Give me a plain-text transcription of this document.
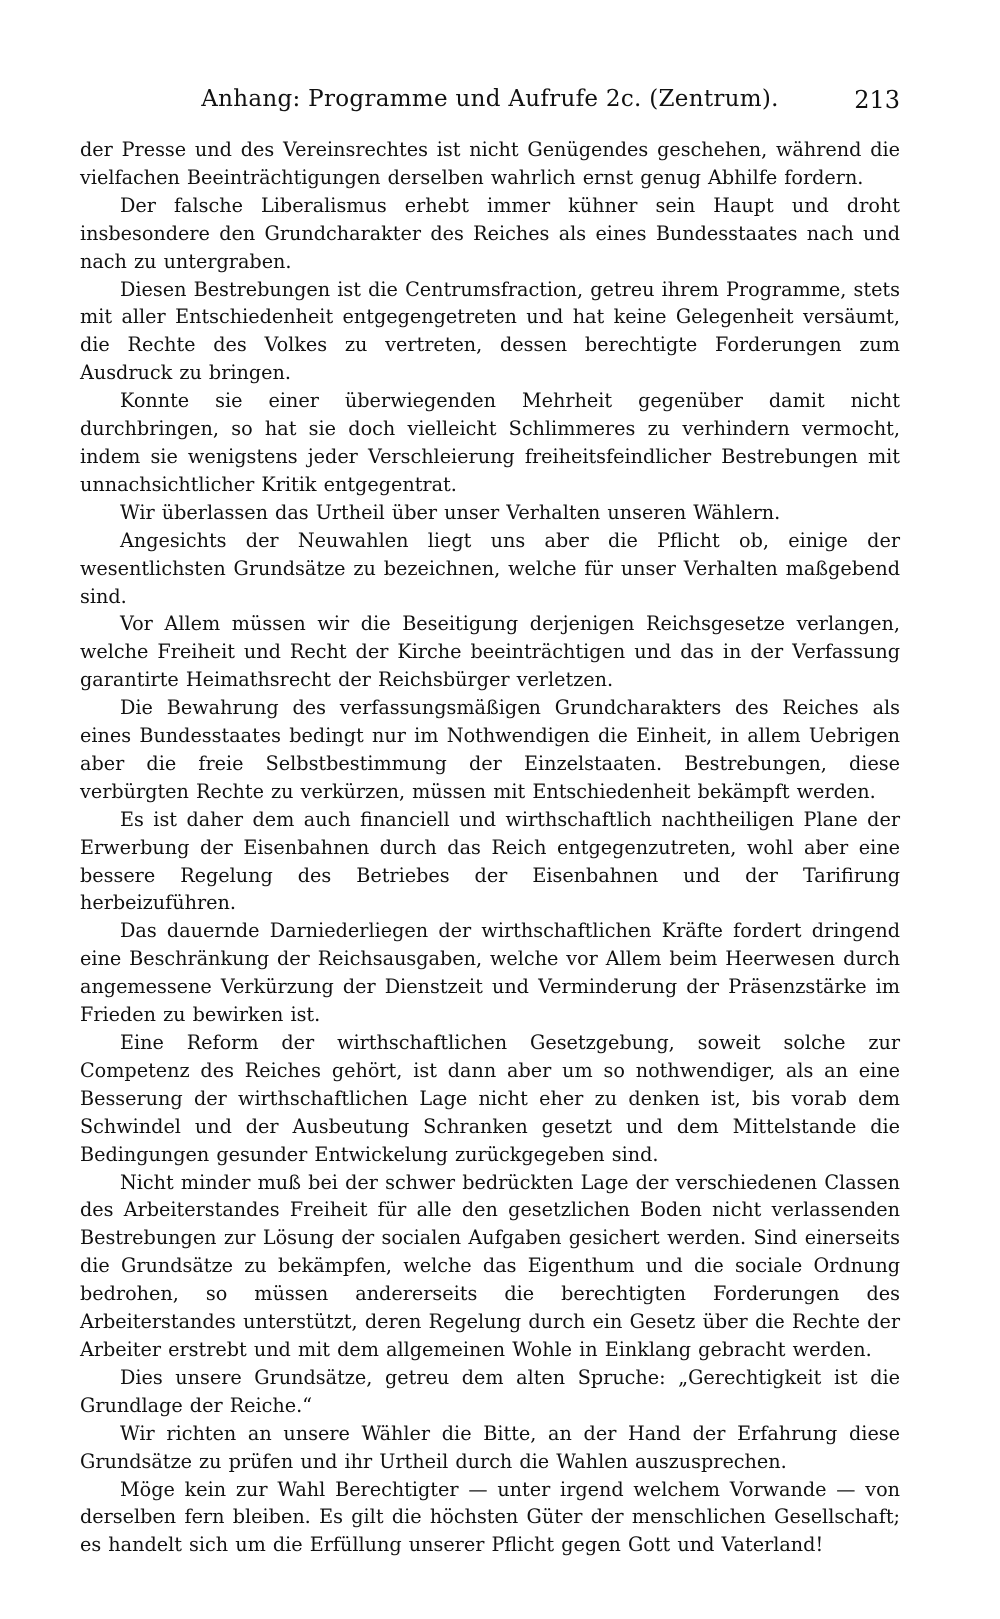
Anhang: Programme und Aufrufe 2c. (Zentrum).	213

der Presse und des Vereinsrechtes ist nicht Genügendes geschehen, während die vielfachen Beeinträchtigungen derselben wahrlich ernst genug Abhilfe fordern.

Der falsche Liberalismus erhebt immer kühner sein Haupt und droht insbesondere den Grundcharakter des Reiches als eines Bundesstaates nach und nach zu untergraben.

Diesen Bestrebungen ist die Centrumsfraction, getreu ihrem Programme, stets mit aller Entschiedenheit entgegengetreten und hat keine Gelegenheit versäumt, die Rechte des Volkes zu vertreten, dessen berechtigte Forderungen zum Ausdruck zu bringen.

Konnte sie einer überwiegenden Mehrheit gegenüber damit nicht durchbringen, so hat sie doch vielleicht Schlimmeres zu verhindern vermocht, indem sie wenigstens jeder Verschleierung freiheitsfeindlicher Bestrebungen mit unnachsichtlicher Kritik entgegentrat.

Wir überlassen das Urtheil über unser Verhalten unseren Wählern.

Angesichts der Neuwahlen liegt uns aber die Pflicht ob, einige der wesentlichsten Grundsätze zu bezeichnen, welche für unser Verhalten maßgebend sind.

Vor Allem müssen wir die Beseitigung derjenigen Reichsgesetze verlangen, welche Freiheit und Recht der Kirche beeinträchtigen und das in der Verfassung garantirte Heimathsrecht der Reichsbürger verletzen.

Die Bewahrung des verfassungsmäßigen Grundcharakters des Reiches als eines Bundesstaates bedingt nur im Nothwendigen die Einheit, in allem Uebrigen aber die freie Selbstbestimmung der Einzelstaaten. Bestrebungen, diese verbürgten Rechte zu verkürzen, müssen mit Entschiedenheit bekämpft werden.

Es ist daher dem auch financiell und wirthschaftlich nachtheiligen Plane der Erwerbung der Eisenbahnen durch das Reich entgegenzutreten, wohl aber eine bessere Regelung des Betriebes der Eisenbahnen und der Tarifirung herbeizuführen.

Das dauernde Darniederliegen der wirthschaftlichen Kräfte fordert dringend eine Beschränkung der Reichsausgaben, welche vor Allem beim Heerwesen durch angemessene Verkürzung der Dienstzeit und Verminderung der Präsenzstärke im Frieden zu bewirken ist.

Eine Reform der wirthschaftlichen Gesetzgebung, soweit solche zur Competenz des Reiches gehört, ist dann aber um so nothwendiger, als an eine Besserung der wirthschaftlichen Lage nicht eher zu denken ist, bis vorab dem Schwindel und der Ausbeutung Schranken gesetzt und dem Mittelstande die Bedingungen gesunder Entwickelung zurückgegeben sind.

Nicht minder muß bei der schwer bedrückten Lage der verschiedenen Classen des Arbeiterstandes Freiheit für alle den gesetzlichen Boden nicht verlassenden Bestrebungen zur Lösung der socialen Aufgaben gesichert werden. Sind einerseits die Grundsätze zu bekämpfen, welche das Eigenthum und die sociale Ordnung bedrohen, so müssen andererseits die berechtigten Forderungen des Arbeiterstandes unterstützt, deren Regelung durch ein Gesetz über die Rechte der Arbeiter erstrebt und mit dem allgemeinen Wohle in Einklang gebracht werden.

Dies unsere Grundsätze, getreu dem alten Spruche: „Gerechtigkeit ist die Grundlage der Reiche.“

Wir richten an unsere Wähler die Bitte, an der Hand der Erfahrung diese Grundsätze zu prüfen und ihr Urtheil durch die Wahlen auszusprechen.

Möge kein zur Wahl Berechtigter — unter irgend welchem Vorwande — von derselben fern bleiben. Es gilt die höchsten Güter der menschlichen Gesellschaft; es handelt sich um die Erfüllung unserer Pflicht gegen Gott und Vaterland!
